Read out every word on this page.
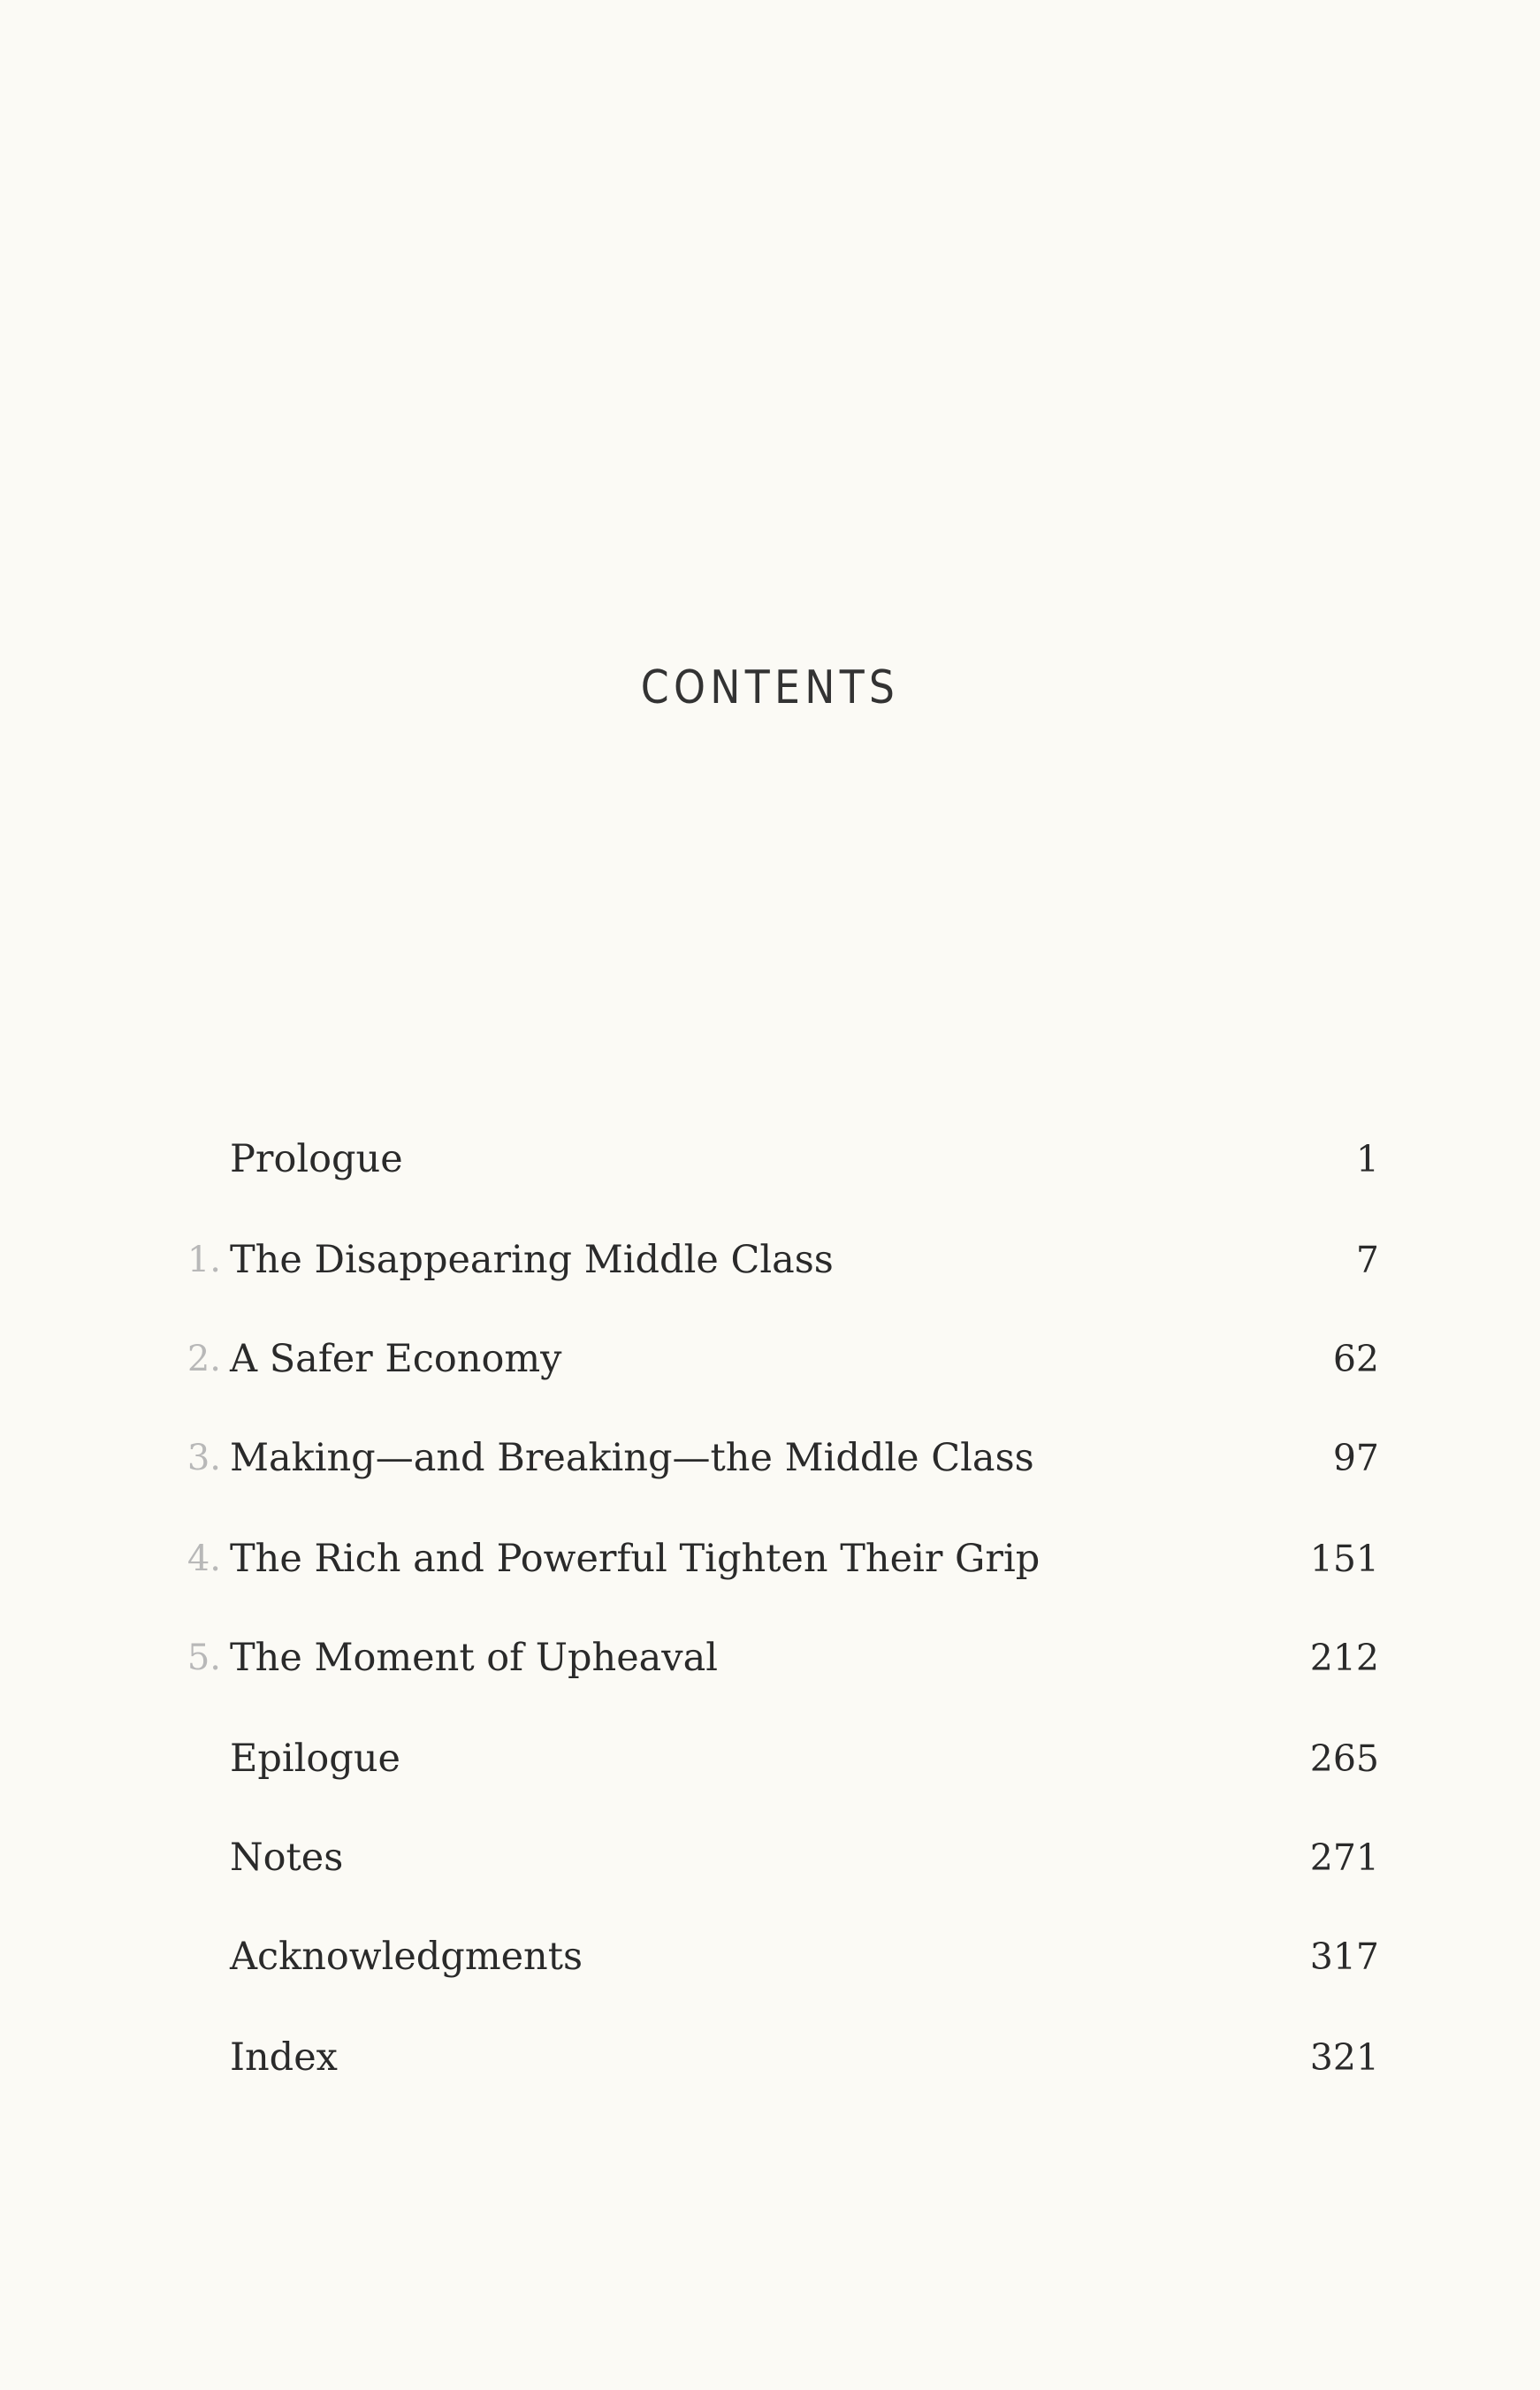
CONTENTS
Prologue	1
1. The Disappearing Middle Class	7
2. A Safer Economy	62
3. Making—and Breaking—the Middle Class	97
4. The Rich and Powerful Tighten Their Grip	151
5. The Moment of Upheaval	212
Epilogue	265
Notes	271
Acknowledgments	317
Index	321
